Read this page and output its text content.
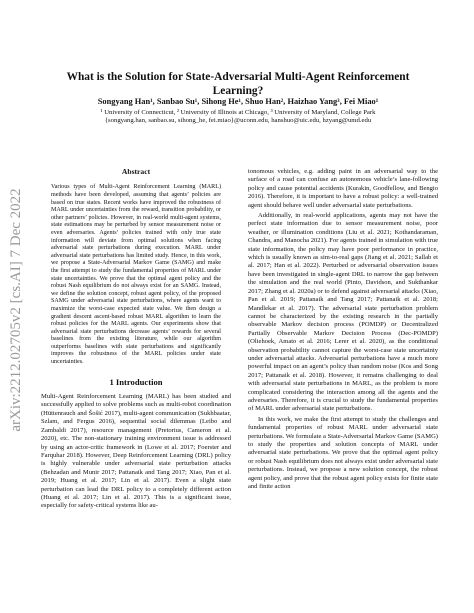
arXiv:2212.02705v2 [cs.AI] 7 Dec 2022
What is the Solution for State-Adversarial Multi-Agent Reinforcement Learning?
Songyang Han¹, Sanbao Su¹, Sihong He¹, Shuo Han², Haizhao Yang³, Fei Miao¹
¹ University of Connecticut, ² University of Illinois at Chicago, ³ University of Maryland, College Park
{songyang.han, sanbao.su, sihong_he, fei.miao}@uconn.edu, hanshuo@uic.edu, hzyang@umd.edu
Abstract

Various types of Multi-Agent Reinforcement Learning (MARL) methods have been developed, assuming that agents’ policies are based on true states. Recent works have improved the robustness of MARL under uncertainties from the reward, transition probability, or other partners’ policies. However, in real-world multi-agent systems, state estimations may be perturbed by sensor measurement noise or even adversaries. Agents’ policies trained with only true state information will deviate from optimal solutions when facing adversarial state perturbations during execution. MARL under adversarial state perturbations has limited study. Hence, in this work, we propose a State-Adversarial Markov Game (SAMG) and make the first attempt to study the fundamental properties of MARL under state uncertainties. We prove that the optimal agent policy and the robust Nash equilibrium do not always exist for an SAMG. Instead, we define the solution concept, robust agent policy, of the proposed SAMG under adversarial state perturbations, where agents want to maximize the worst-case expected state value. We then design a gradient descent ascent-based robust MARL algorithm to learn the robust policies for the MARL agents. Our experiments show that adversarial state perturbations decrease agents’ rewards for several baselines from the existing literature, while our algorithm outperforms baselines with state perturbations and significantly improves the robustness of the MARL policies under state uncertainties.

1 Introduction

Multi-Agent Reinforcement Learning (MARL) has been studied and successfully applied to solve problems such as multi-robot coordination (Hüttenrauch and Šošić 2017), multi-agent communication (Sukhbaatar, Szlam, and Fergus 2016), sequential social dilemmas (Leibo and Zambaldi 2017), resource management (Pretorius, Cameron et al. 2020), etc. The non-stationary training environment issue is addressed by using an actor-critic framework in (Lowe et al. 2017; Foerster and Farquhar 2018). However, Deep Reinforcement Learning (DRL) policy is highly vulnerable under adversarial state perturbation attacks (Behzadan and Munir 2017; Pattanaik and Tang 2017; Xiao, Pan et al. 2019; Huang et al. 2017; Lin et al. 2017). Even a slight state perturbation can lead the DRL policy to a completely different action (Huang et al. 2017; Lin et al. 2017). This is a significant issue, especially for safety-critical systems like au-

tonomous vehicles, e.g. adding paint in an adversarial way to the surface of a road can confuse an autonomous vehicle’s lane-following policy and cause potential accidents (Kurakin, Goodfellow, and Bengio 2016). Therefore, it is important to have a robust policy: a well-trained agent should behave well under adversarial state perturbations.

Additionally, in real-world applications, agents may not have the perfect state information due to sensor measurement noise, poor weather, or illumination conditions (Liu et al. 2021; Kothandaraman, Chandra, and Manocha 2021). For agents trained in simulation with true state information, the policy may have poor performance in practice, which is usually known as sim-to-real gaps (Jiang et al. 2021; Sallab et al. 2017; Han et al. 2022). Perturbed or adversarial observation issues have been investigated in single-agent DRL to narrow the gap between the simulation and the real world (Pinto, Davidson, and Sukthankar 2017; Zhang et al. 2020a) or to defend against adversarial attacks (Xiao, Pan et al. 2019; Pattanaik and Tang 2017; Pattanaik et al. 2018; Mandlekar et al. 2017). The adversarial state perturbation problem cannot be characterized by the existing research in the partially observable Markov decision process (POMDP) or Decentralized Partially Observable Markov Decision Process (Dec-POMDP) (Oliehoek, Amato et al. 2016; Lerer et al. 2020), as the conditional observation probability cannot capture the worst-case state uncertainty under adversarial attacks. Adversarial perturbations have a much more powerful impact on an agent’s policy than random noise (Kos and Song 2017; Pattanaik et al. 2018). However, it remains challenging to deal with adversarial state perturbations in MARL, as the problem is more complicated considering the interaction among all the agents and the adversaries. Therefore, it is crucial to study the fundamental properties of MARL under adversarial state perturbations.

In this work, we make the first attempt to study the challenges and fundamental properties of robust MARL under adversarial state perturbations. We formulate a State-Adversarial Markov Game (SAMG) to study the properties and solution concepts of MARL under adversarial state perturbations. We prove that the optimal agent policy or robust Nash equilibrium does not always exist under adversarial state perturbations. Instead, we propose a new solution concept, the robust agent policy, and prove that the robust agent policy exists for finite state and finite action
